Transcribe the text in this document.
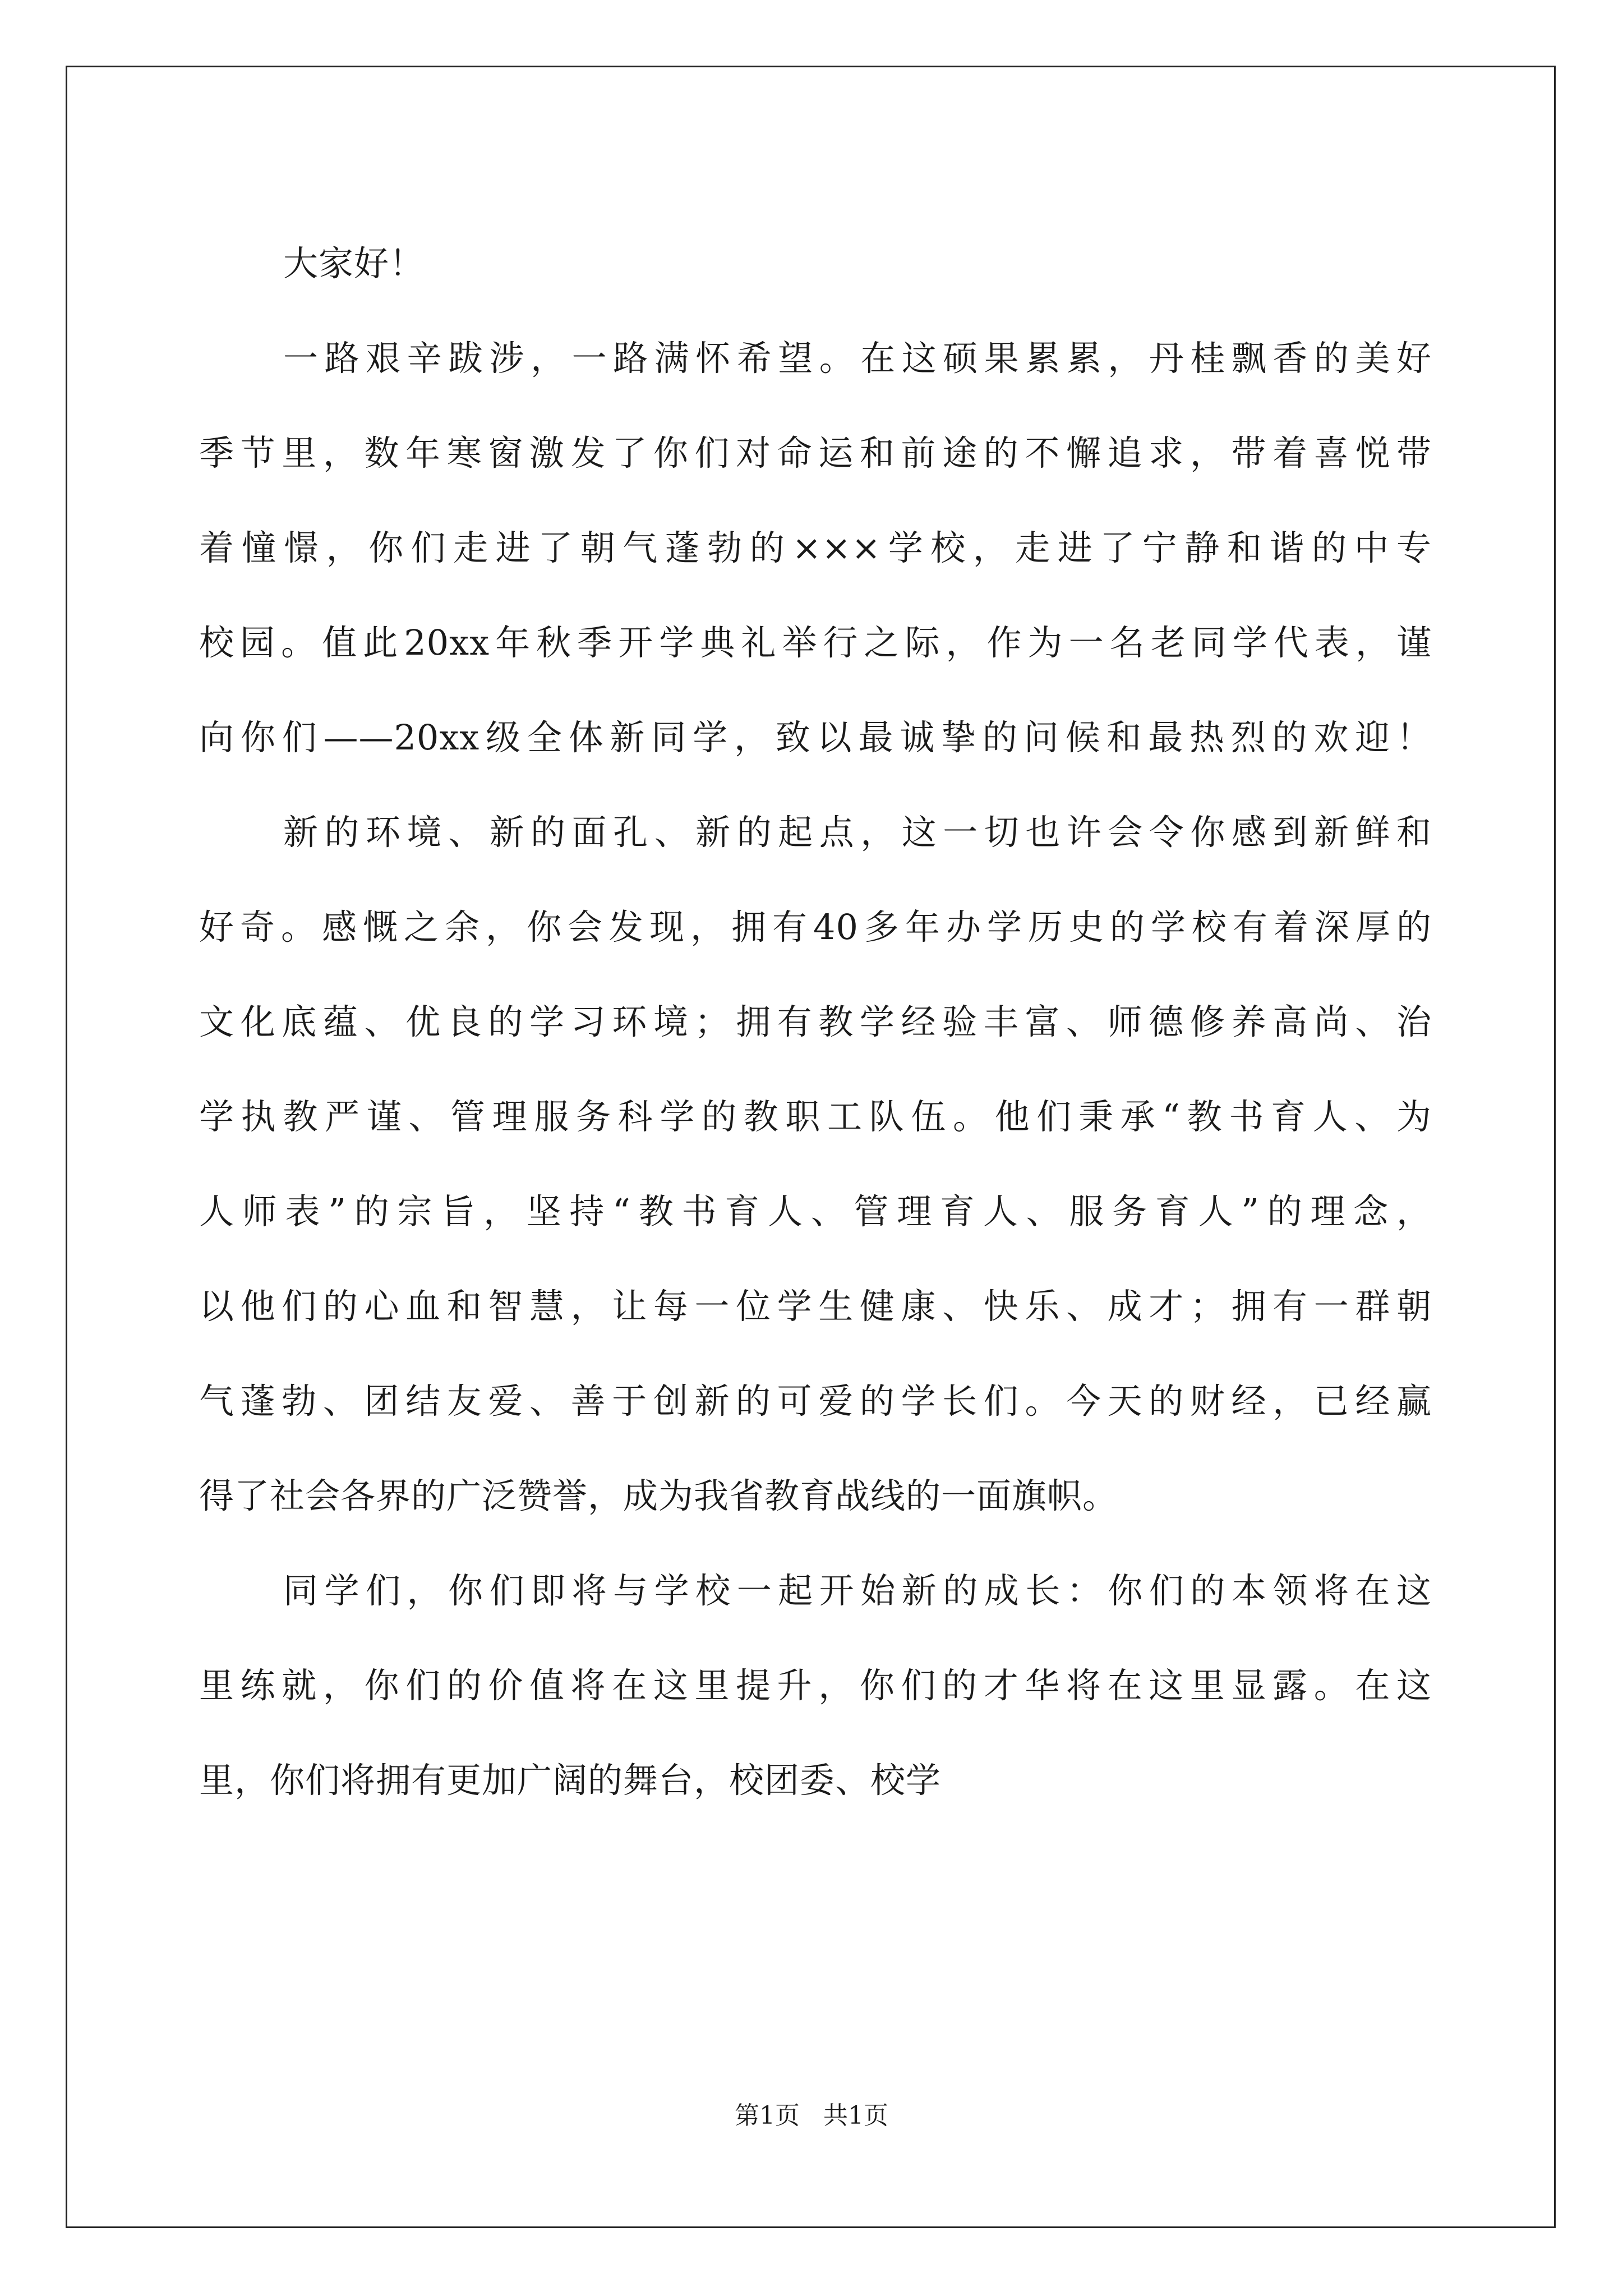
大家好！
一路艰辛跋涉，一路满怀希望。在这硕果累累，丹桂飘香的美好
季节里，数年寒窗激发了你们对命运和前途的不懈追求，带着喜悦带
着憧憬，你们走进了朝气蓬勃的×××学校，走进了宁静和谐的中专
校园。值此20xx年秋季开学典礼举行之际，作为一名老同学代表，谨
向你们——20xx级全体新同学，致以最诚挚的问候和最热烈的欢迎！
新的环境、新的面孔、新的起点，这一切也许会令你感到新鲜和
好奇。感慨之余，你会发现，拥有40多年办学历史的学校有着深厚的
文化底蕴、优良的学习环境；拥有教学经验丰富、师德修养高尚、治
学执教严谨、管理服务科学的教职工队伍。他们秉承“教书育人、为
人师表”的宗旨，坚持“教书育人、管理育人、服务育人”的理念，
以他们的心血和智慧，让每一位学生健康、快乐、成才；拥有一群朝
气蓬勃、团结友爱、善于创新的可爱的学长们。今天的财经，已经赢
得了社会各界的广泛赞誉，成为我省教育战线的一面旗帜。
同学们，你们即将与学校一起开始新的成长：你们的本领将在这
里练就，你们的价值将在这里提升，你们的才华将在这里显露。在这
里，你们将拥有更加广阔的舞台，校团委、校学
第1页   共1页
